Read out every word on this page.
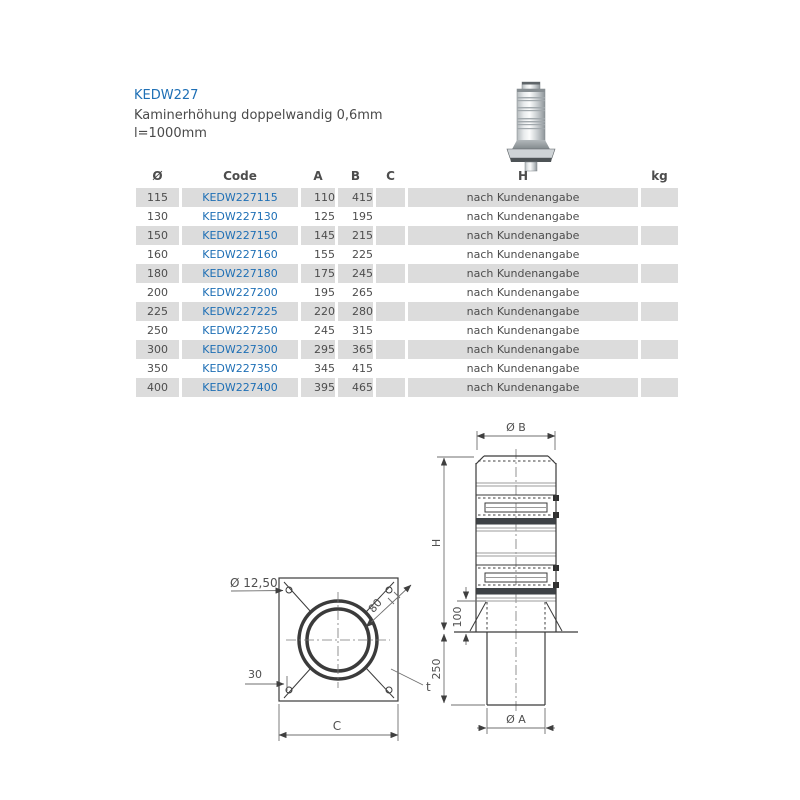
KEDW227
Kaminerhöhung doppelwandig 0,6mm
l=1000mm
Ø	Code	A	B	C	H	kg
115	KEDW227115	110	415		nach Kundenangabe	
130	KEDW227130	125	195		nach Kundenangabe	
150	KEDW227150	145	215		nach Kundenangabe	
160	KEDW227160	155	225		nach Kundenangabe	
180	KEDW227180	175	245		nach Kundenangabe	
200	KEDW227200	195	265		nach Kundenangabe	
225	KEDW227225	220	280		nach Kundenangabe	
250	KEDW227250	245	315		nach Kundenangabe	
300	KEDW227300	295	365		nach Kundenangabe	
350	KEDW227350	345	415		nach Kundenangabe	
400	KEDW227400	395	465		nach Kundenangabe	
Ø 12,50
30
80
C
t
Ø B
H
100
250
Ø A
